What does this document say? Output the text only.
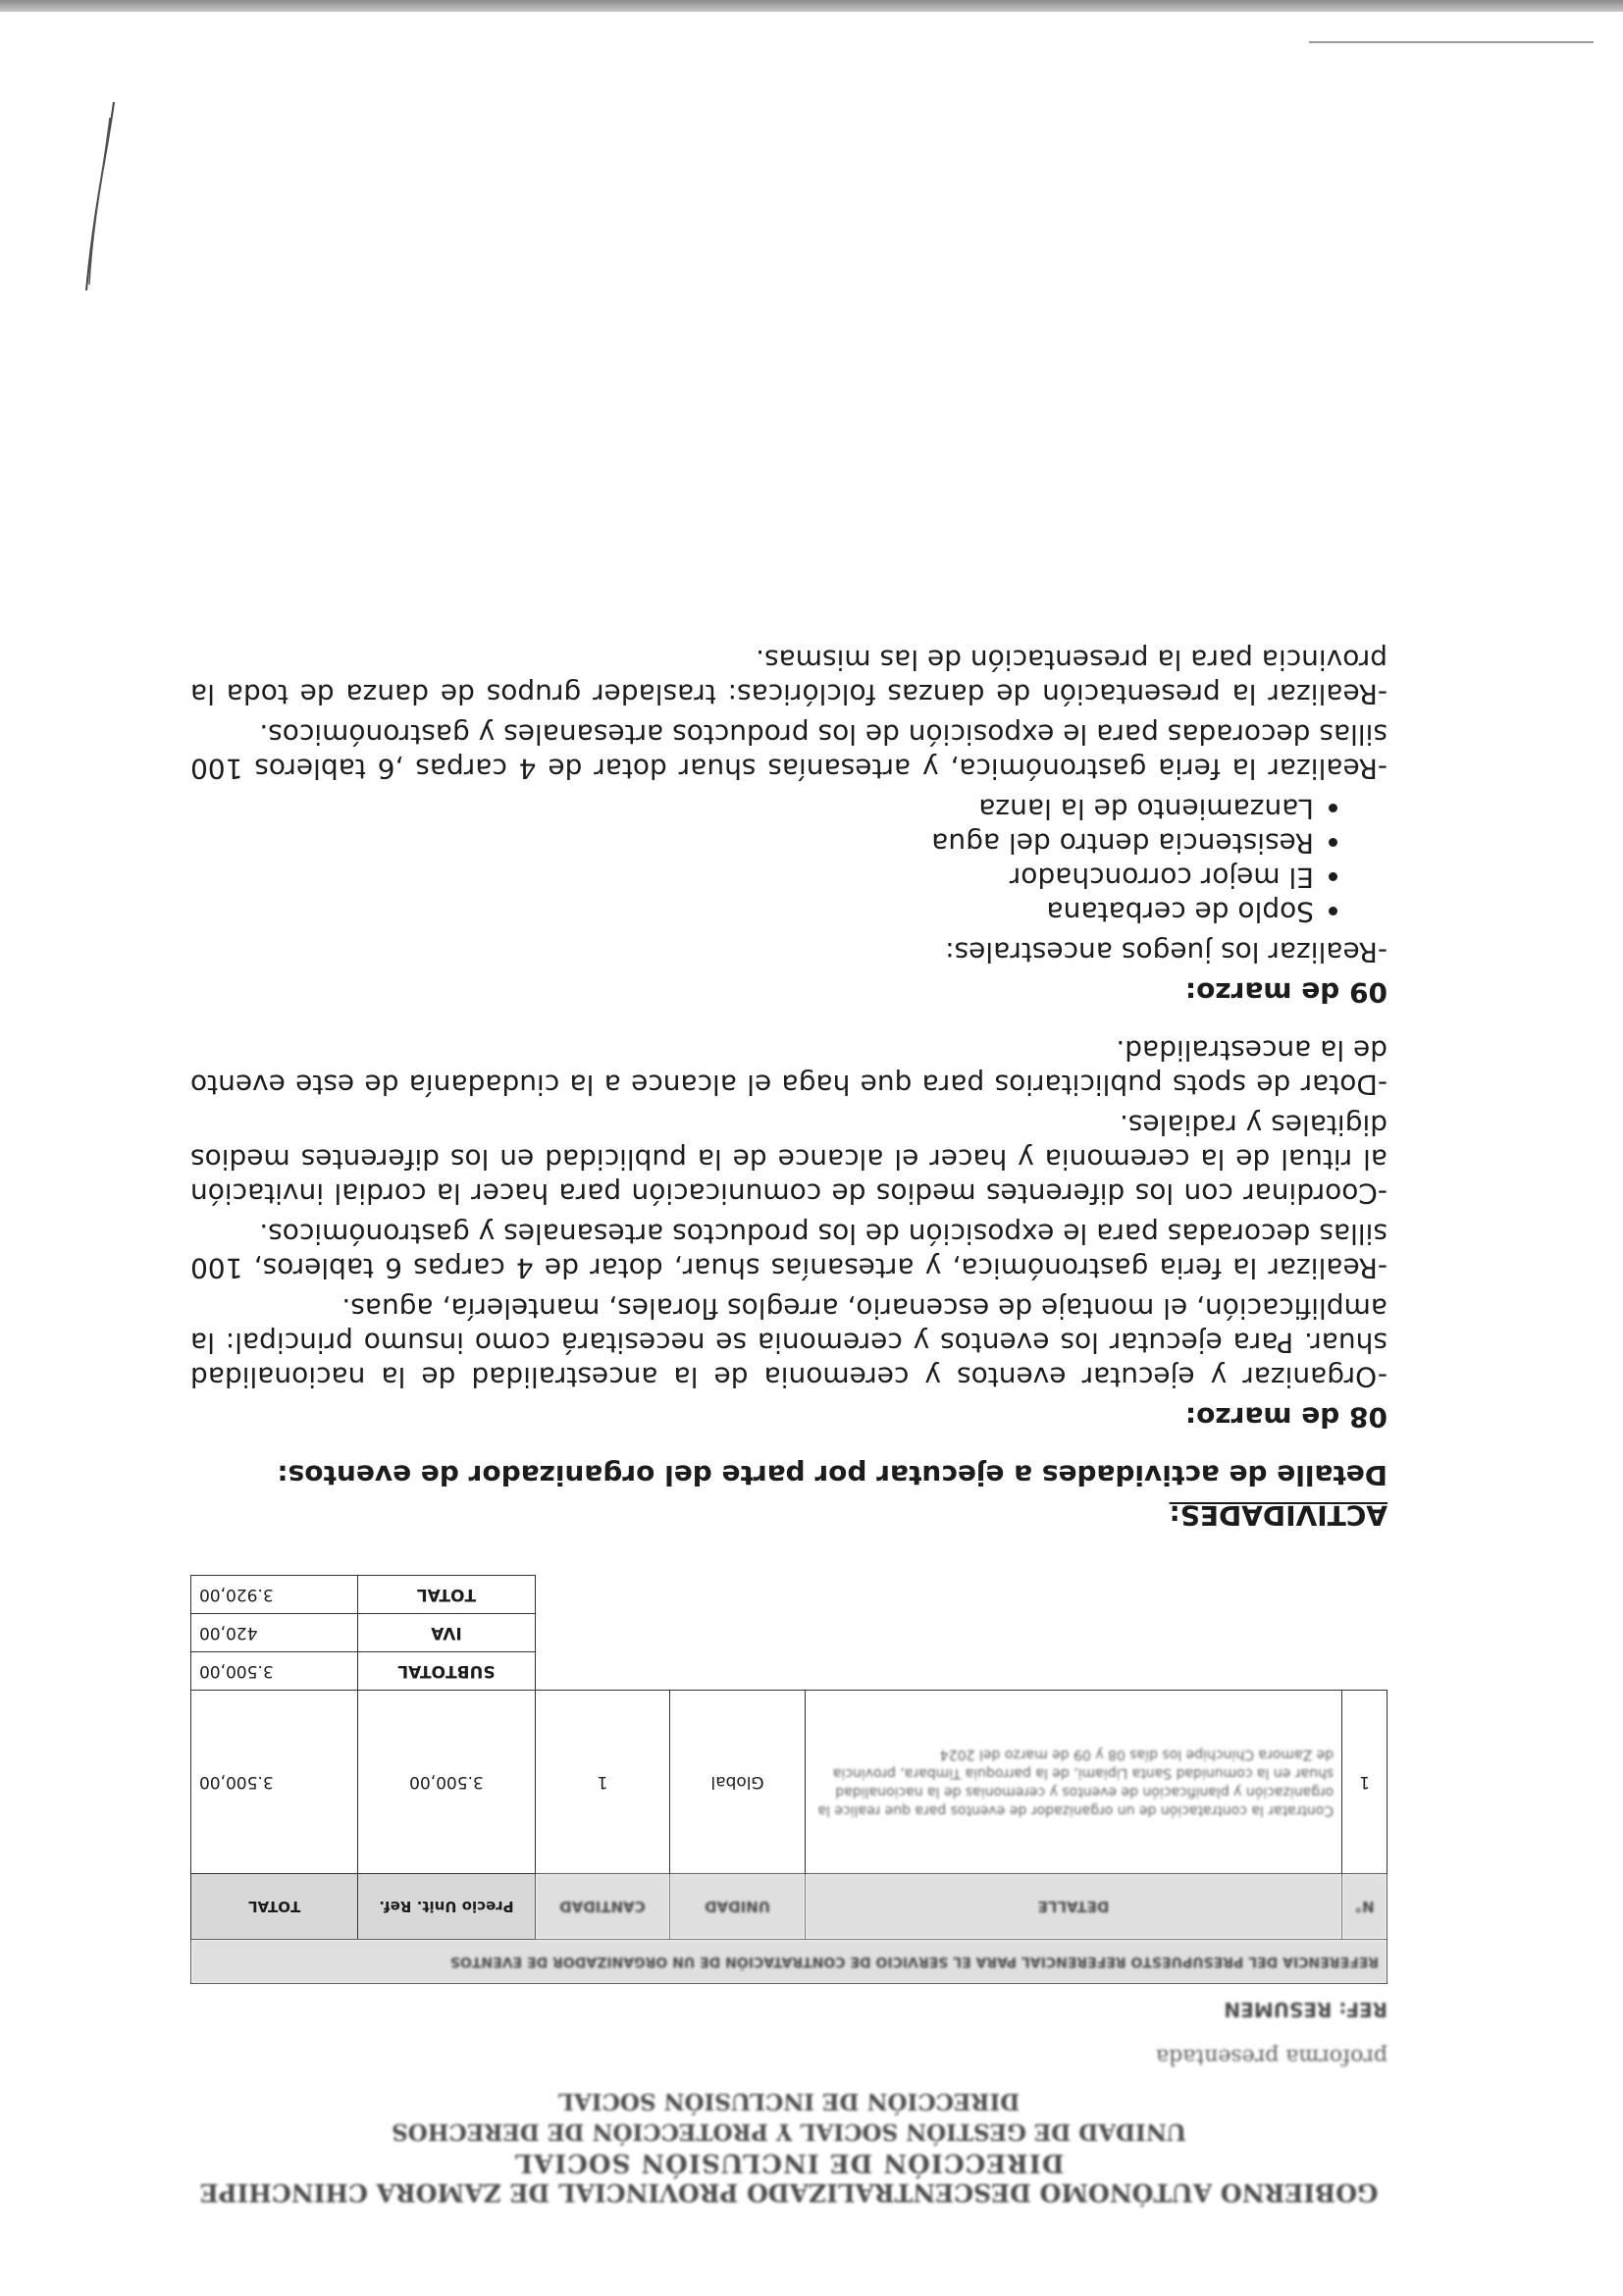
GOBIERNO AUTÓNOMO DESCENTRALIZADO PROVINCIAL DE ZAMORA CHINCHIPE
DIRECCIÓN DE INCLUSIÓN SOCIAL
UNIDAD DE GESTIÓN SOCIAL Y PROTECCIÓN DE DERECHOS
DIRECCIÓN DE INCLUSIÓN SOCIAL
proforma presentada
REF: RESUMEN
REFERENCIA DEL PRESUPUESTO REFERENCIAL PARA EL SERVICIO DE CONTRATACIÓN DE UN ORGANIZADOR DE EVENTOS					
N°	DETALLE	UNIDAD	CANTIDAD	Precio Unit. Ref.	TOTAL
1	Contratar la contratación de un organizador de eventos para que realice la organización y planificación de eventos y ceremonias de la nacionalidad shuar en la comunidad Santa Lipiami, de la parroquia Timbara, provincia de Zamora Chinchipe los días 08 y 09 de marzo del 2024	Global	1	3.500,00	3.500,00
				SUBTOTAL	3.500,00
				IVA	420,00
				TOTAL	3.920,00
ACTIVIDADES:
Detalle de actividades a ejecutar por parte del organizador de eventos:
08 de marzo:

-Organizar y ejecutar eventos y ceremonia de la ancestralidad de la nacionalidad shuar. Para ejecutar los eventos y ceremonia se necesitará como insumo principal: la amplificación, el montaje de escenario, arreglos florales, mantelería, aguas.

-Realizar la feria gastronómica, y artesanías shuar, dotar de 4 carpas 6 tableros, 100 sillas decoradas para le exposición de los productos artesanales y gastronómicos.

-Coordinar con los diferentes medios de comunicación para hacer la cordial invitación al ritual de la ceremonia y hacer el alcance de la publicidad en los diferentes medios digitales y radiales.

-Dotar de spots publicitarios para que haga el alcance a la ciudadanía de este evento de la ancestralidad.

09 de marzo:

-Realizar los juegos ancestrales:

• Soplo de cerbatana
• El mejor corronchador
• Resistencia dentro del agua
• Lanzamiento de la lanza

-Realizar la feria gastronómica, y artesanías shuar dotar de 4 carpas ,6 tableros 100 sillas decoradas para le exposición de los productos artesanales y gastronómicos.

-Realizar la presentación de danzas folclóricas: traslader grupos de danza de toda la provincia para la presentación de las mismas.
